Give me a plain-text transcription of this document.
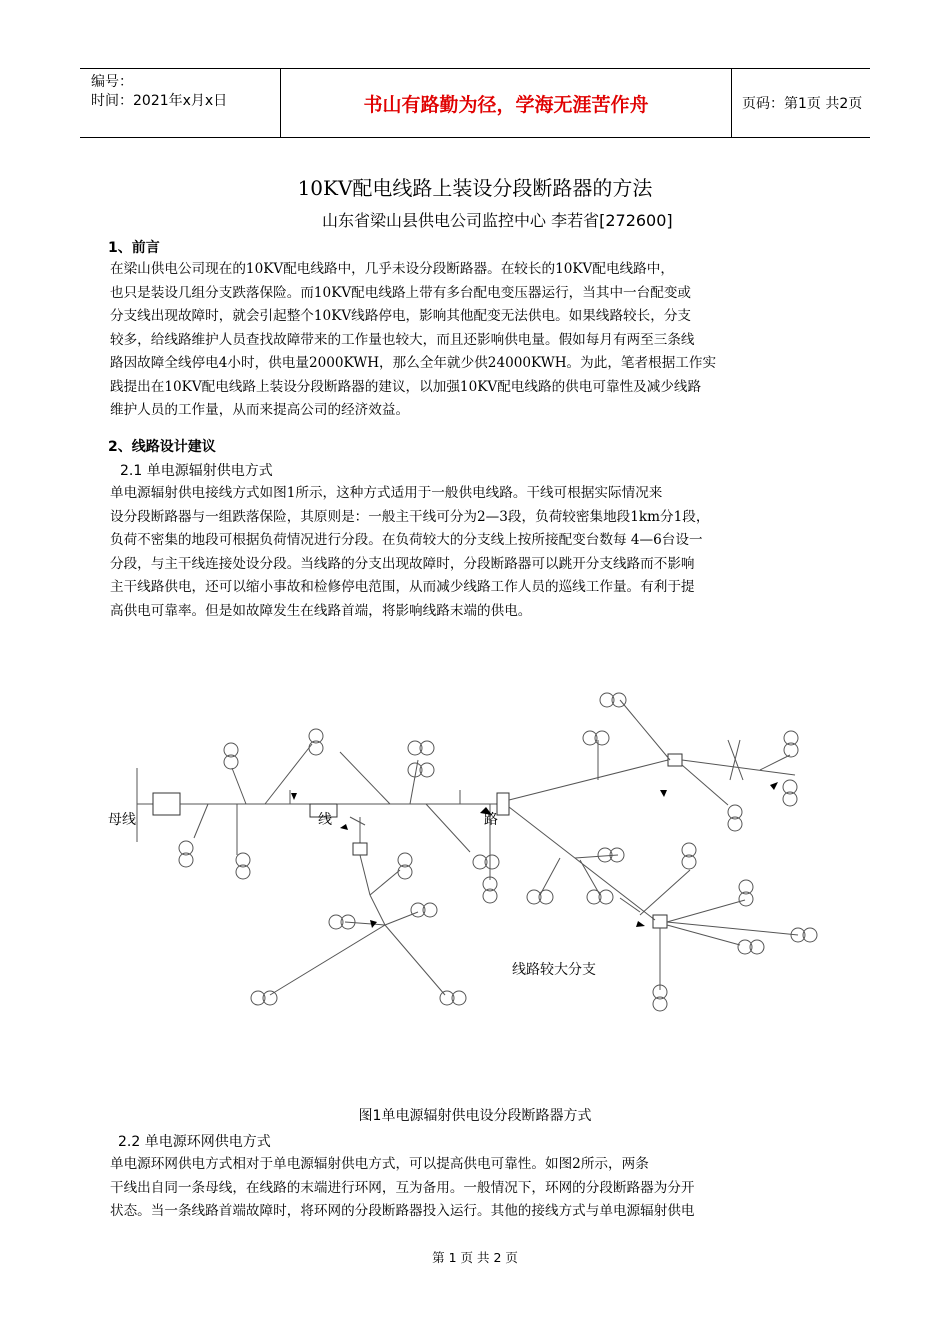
编号：
时间：2021年x月x日	书山有路勤为径，学海无涯苦作舟	页码：第1页 共2页
10KV配电线路上装设分段断路器的方法
山东省梁山县供电公司监控中心 李若省[272600]
1、前言
在梁山供电公司现在的10KV配电线路中，几乎未设分段断路器。在较长的10KV配电线路中，
也只是装设几组分支跌落保险。而10KV配电线路上带有多台配电变压器运行，当其中一台配变或
分支线出现故障时，就会引起整个10KV线路停电，影响其他配变无法供电。如果线路较长，分支
较多，给线路维护人员查找故障带来的工作量也较大，而且还影响供电量。假如每月有两至三条线
路因故障全线停电4小时，供电量2000KWH，那么全年就少供24000KWH。为此，笔者根据工作实
践提出在10KV配电线路上装设分段断路器的建议，以加强10KV配电线路的供电可靠性及减少线路
维护人员的工作量，从而来提高公司的经济效益。
2、线路设计建议
2.1 单电源辐射供电方式
单电源辐射供电接线方式如图1所示，这种方式适用于一般供电线路。干线可根据实际情况来
设分段断路器与一组跌落保险，其原则是：一般主干线可分为2—3段，负荷较密集地段1km分1段，
负荷不密集的地段可根据负荷情况进行分段。在负荷较大的分支线上按所接配变台数每 4—6台设一
分段，与主干线连接处设分段。当线路的分支出现故障时，分段断路器可以跳开分支线路而不影响
主干线路供电，还可以缩小事故和检修停电范围，从而减少线路工作人员的巡线工作量。有利于提
高供电可靠率。但是如故障发生在线路首端，将影响线路末端的供电。
母线	线	路
线路较大分支
图1单电源辐射供电设分段断路器方式
2.2 单电源环网供电方式
单电源环网供电方式相对于单电源辐射供电方式，可以提高供电可靠性。如图2所示，两条
干线出自同一条母线，在线路的末端进行环网，互为备用。一般情况下，环网的分段断路器为分开
状态。当一条线路首端故障时，将环网的分段断路器投入运行。其他的接线方式与单电源辐射供电
第 1 页 共 2 页
